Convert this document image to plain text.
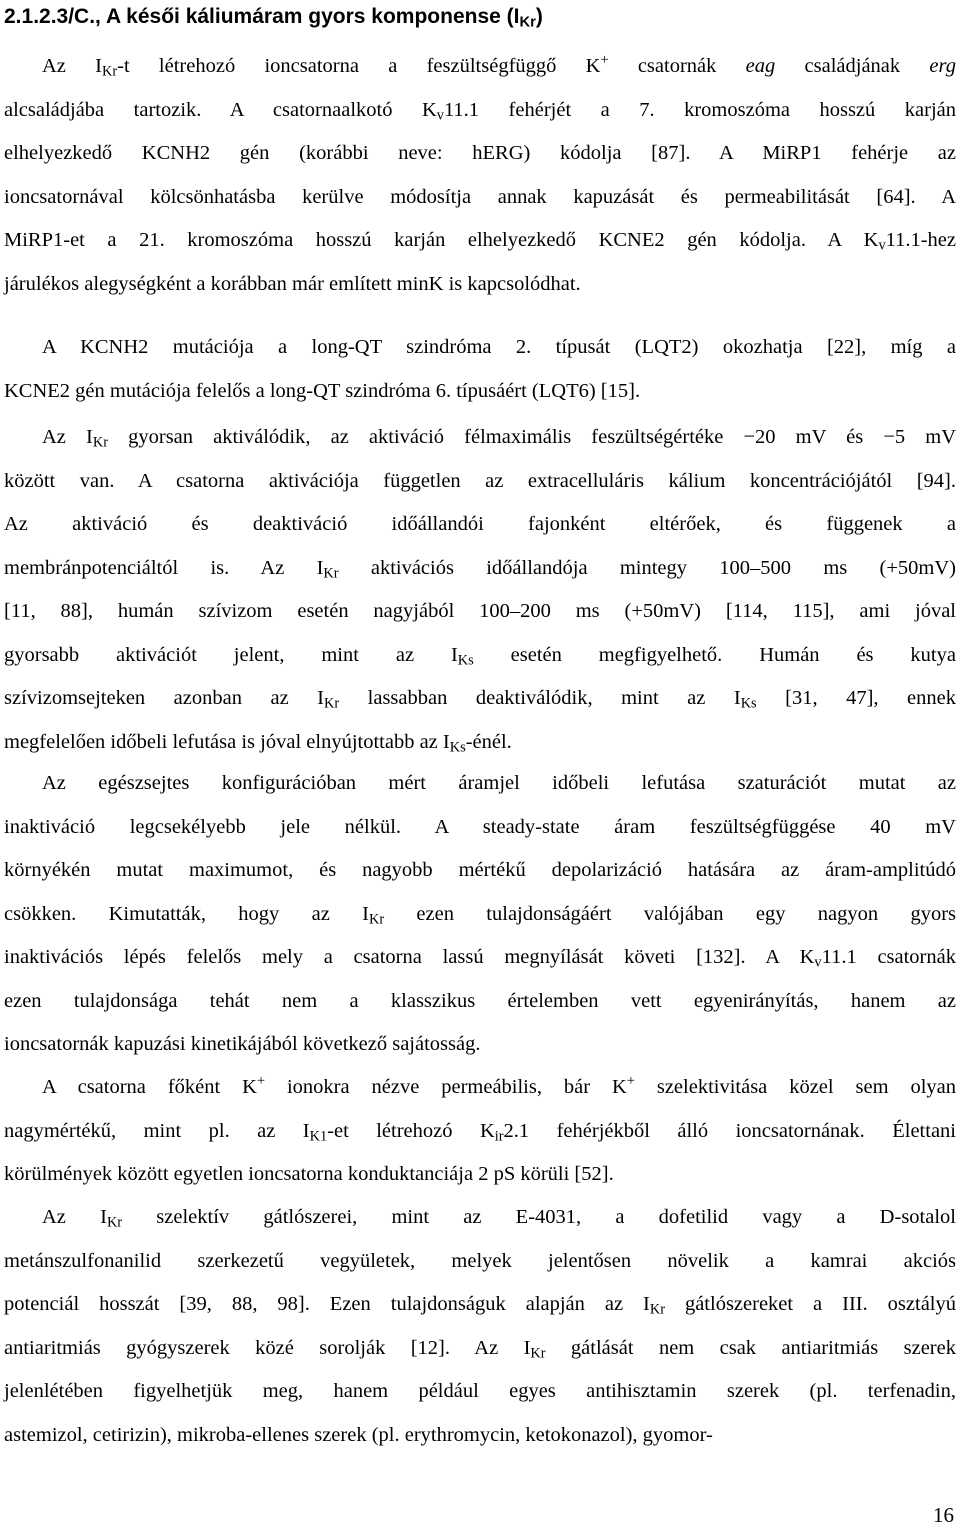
2.1.2.3/C., A késői káliumáram gyors komponense $(I_{Kr})$
Az $I_{Kr}-t$ létrehozó ioncsatorna a feszültségfüggő K+ csatornák eag családjának erg
alcsaládjába tartozik. A csatornaalkotó $K_v11.1$ fehérjét a 7. kromoszóma hosszú karján
elhelyezkedő KCNH2 gén (korábbi neve: hERG) kódolja [87]. A MiRP1 fehérje az
ioncsatornával kölcsönhatásba kerülve módosítja annak kapuzását és permeabilitását [64]. A
MiRP1-et a 21. kromoszóma hosszú karján elhelyezkedő KCNE2 gén kódolja. A $K_v11.1$-hez
járulékos alegységként a korábban már említett minK is kapcsolódhat.
A KCNH2 mutációja a long-QT szindróma 2. típusát (LQT2) okozhatja [22], míg a
KCNE2 gén mutációja felelős a long-QT szindróma 6. típusáért (LQT6) [15].
Az $I_{Kr}$ gyorsan aktiválódik, az aktiváció félmaximális feszültségértéke −20 mV és −5 mV
között van. A csatorna aktivációja független az extracelluláris kálium koncentrációjától [94].
Az aktiváció és deaktiváció időállandói fajonként eltérőek, és függenek a
membránpotenciáltól is. Az $I_{Kr}$ aktivációs időállandója mintegy 100–500 ms (+50mV)
[11, 88], humán szívizom esetén nagyjából 100–200 ms (+50mV) [114, 115], ami jóval
gyorsabb aktivációt jelent, mint az $I_{Ks}$ esetén megfigyelhető. Humán és kutya
szívizomsejteken azonban az $I_{Kr}$ lassabban deaktiválódik, mint az $I_{Ks}$ [31, 47], ennek
megfelelően időbeli lefutása is jóval elnyújtottabb az $I_{Ks}$-énél.
Az egészsejtes konfigurációban mért áramjel időbeli lefutása szaturációt mutat az
inaktiváció legcsekélyebb jele nélkül. A steady-state áram feszültségfüggése 40 mV
környékén mutat maximumot, és nagyobb mértékű depolarizáció hatására az áram-amplitúdó
csökken. Kimutatták, hogy az $I_{Kr}$ ezen tulajdonságáért valójában egy nagyon gyors
inaktivációs lépés felelős mely a csatorna lassú megnyílását követi [132]. A $K_v11.1$ csatornák
ezen tulajdonsága tehát nem a klasszikus értelemben vett egyenirányítás, hanem az
ioncsatornák kapuzási kinetikájából következő sajátosság.
A csatorna főként K+ ionokra nézve permeábilis, bár K+ szelektivitása közel sem olyan
nagymértékű, mint pl. az $I_{K1}-et$ létrehozó $K_{ir}2.1$ fehérjékből álló ioncsatornának. Élettani
körülmények között egyetlen ioncsatorna konduktanciája 2 pS körüli [52].
Az $I_{Kr}$ szelektív gátlószerei, mint az E-4031, a dofetilid vagy a D-sotalol
metánszulfonanilid szerkezetű vegyületek, melyek jelentősen növelik a kamrai akciós
potenciál hosszát [39, 88, 98]. Ezen tulajdonságuk alapján az $I_{Kr}$ gátlószereket a III. osztályú
antiaritmiás gyógyszerek közé sorolják [12]. Az $I_{Kr}$ gátlását nem csak antiaritmiás szerek
jelenlétében figyelhetjük meg, hanem például egyes antihisztamin szerek (pl. terfenadin,
astemizol, cetirizin), mikroba-ellenes szerek (pl. erythromycin, ketokonazol), gyomor-
16
